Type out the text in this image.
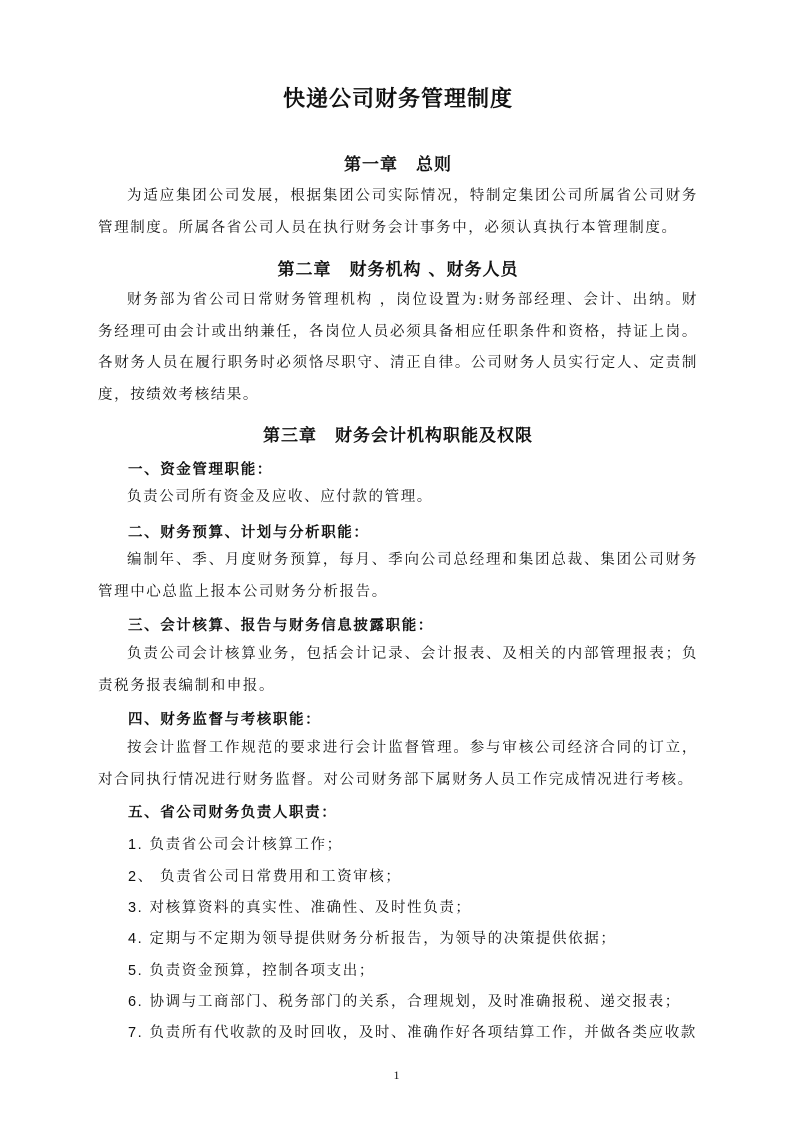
快递公司财务管理制度
第一章　总则

为适应集团公司发展，根据集团公司实际情况，特制定集团公司所属省公司财务管理制度。所属各省公司人员在执行财务会计事务中，必须认真执行本管理制度。

第二章　财务机构 、财务人员

财务部为省公司日常财务管理机构 ，岗位设置为:财务部经理、会计、出纳。财务经理可由会计或出纳兼任，各岗位人员必须具备相应任职条件和资格，持证上岗。各财务人员在履行职务时必须恪尽职守、清正自律。公司财务人员实行定人、定责制度，按绩效考核结果。

第三章　财务会计机构职能及权限

一、资金管理职能：

负责公司所有资金及应收、应付款的管理。

二、财务预算、计划与分析职能：

编制年、季、月度财务预算，每月、季向公司总经理和集团总裁、集团公司财务管理中心总监上报本公司财务分析报告。

三、会计核算、报告与财务信息披露职能：

负责公司会计核算业务，包括会计记录、会计报表、及相关的内部管理报表；负责税务报表编制和申报。

四、财务监督与考核职能：

按会计监督工作规范的要求进行会计监督管理。参与审核公司经济合同的订立，对合同执行情况进行财务监督。对公司财务部下属财务人员工作完成情况进行考核。

五、省公司财务负责人职责：

1. 负责省公司会计核算工作；

2、 负责省公司日常费用和工资审核；

3. 对核算资料的真实性、准确性、及时性负责；

4. 定期与不定期为领导提供财务分析报告，为领导的决策提供依据；

5. 负责资金预算，控制各项支出；

6. 协调与工商部门、税务部门的关系，合理规划，及时准确报税、递交报表；

7. 负责所有代收款的及时回收，及时、准确作好各项结算工作，并做各类应收款

1
